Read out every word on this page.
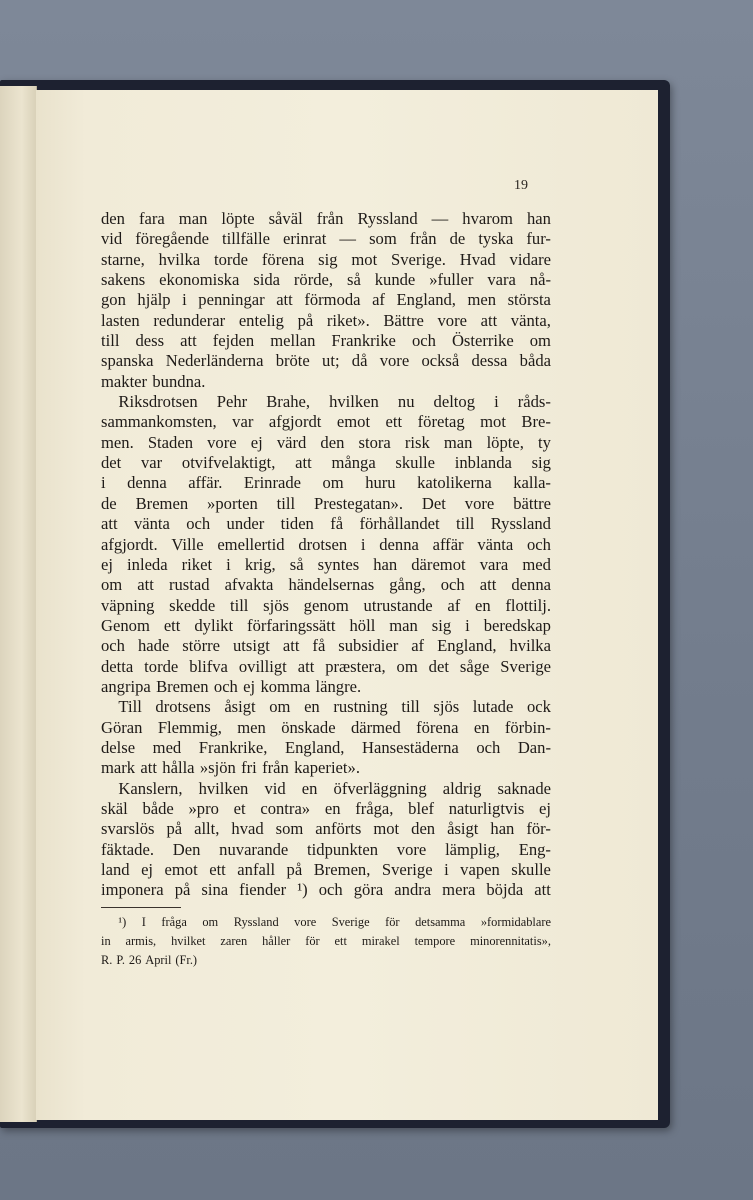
19
den fara man löpte såväl från Ryssland — hvarom han
vid föregående tillfälle erinrat — som från de tyska fur-
starne, hvilka torde förena sig mot Sverige. Hvad vidare
sakens ekonomiska sida rörde, så kunde »fuller vara nå-
gon hjälp i penningar att förmoda af England, men största
lasten redunderar entelig på riket». Bättre vore att vänta,
till dess att fejden mellan Frankrike och Österrike om
spanska Nederländerna bröte ut; då vore också dessa båda
makter bundna.
Riksdrotsen Pehr Brahe, hvilken nu deltog i råds-
sammankomsten, var afgjordt emot ett företag mot Bre-
men. Staden vore ej värd den stora risk man löpte, ty
det var otvifvelaktigt, att många skulle inblanda sig
i denna affär. Erinrade om huru katolikerna kalla-
de Bremen »porten till Prestegatan». Det vore bättre
att vänta och under tiden få förhållandet till Ryssland
afgjordt. Ville emellertid drotsen i denna affär vänta och
ej inleda riket i krig, så syntes han däremot vara med
om att rustad afvakta händelsernas gång, och att denna
väpning skedde till sjös genom utrustande af en flottilj.
Genom ett dylikt förfaringssätt höll man sig i beredskap
och hade större utsigt att få subsidier af England, hvilka
detta torde blifva ovilligt att præstera, om det såge Sverige
angripa Bremen och ej komma längre.
Till drotsens åsigt om en rustning till sjös lutade ock
Göran Flemmig, men önskade därmed förena en förbin-
delse med Frankrike, England, Hansestäderna och Dan-
mark att hålla »sjön fri från kaperiet».
Kanslern, hvilken vid en öfverläggning aldrig saknade
skäl både »pro et contra» en fråga, blef naturligtvis ej
svarslös på allt, hvad som anförts mot den åsigt han för-
fäktade. Den nuvarande tidpunkten vore lämplig, Eng-
land ej emot ett anfall på Bremen, Sverige i vapen skulle
imponera på sina fiender ¹) och göra andra mera böjda att
¹) I fråga om Ryssland vore Sverige för detsamma »formidablare
in armis, hvilket zaren håller för ett mirakel tempore minorennitatis»,
R. P. 26 April (Fr.)
